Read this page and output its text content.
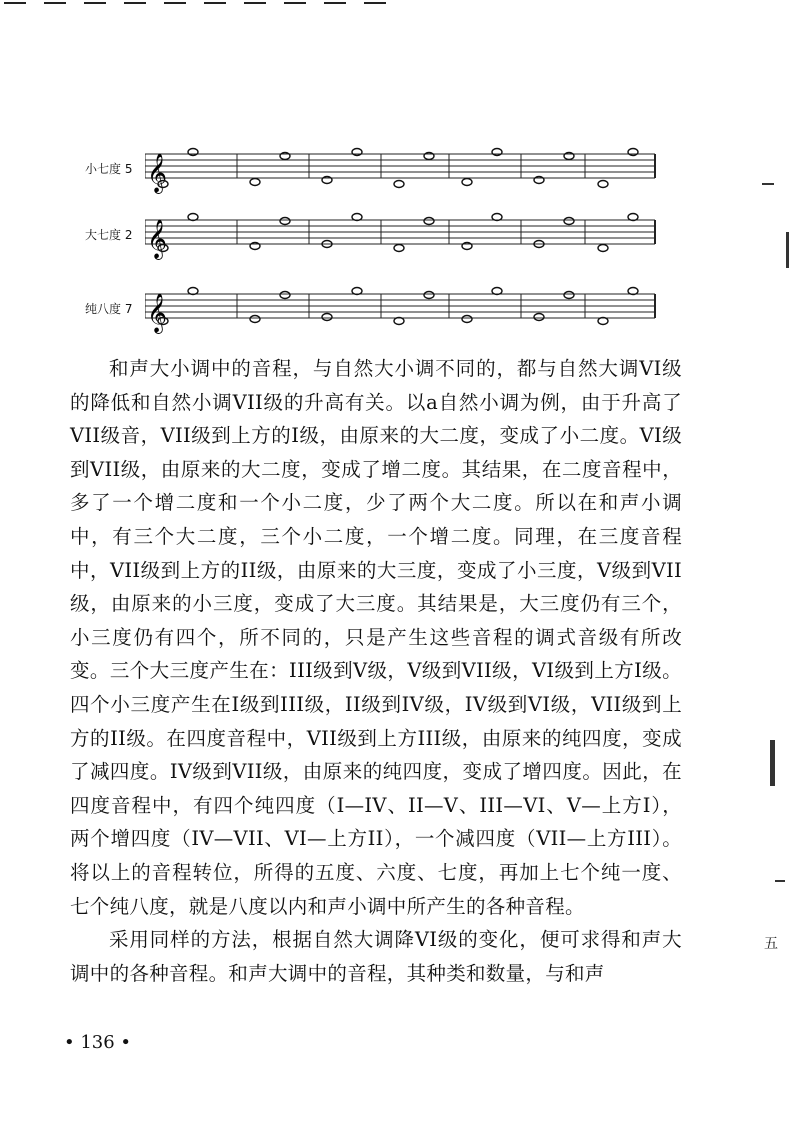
小七度 5 𝄞
大七度 2 𝄞
纯八度 7 𝄞

和声大小调中的音程，与自然大小调不同的，都与自然大调VI级的降低和自然小调VII级的升高有关。以a自然小调为例，由于升高了VII级音，VII级到上方的I级，由原来的大二度，变成了小二度。VI级到VII级，由原来的大二度，变成了增二度。其结果，在二度音程中，多了一个增二度和一个小二度，少了两个大二度。所以在和声小调中，有三个大二度，三个小二度，一个增二度。同理，在三度音程中，VII级到上方的II级，由原来的大三度，变成了小三度，V级到VII级，由原来的小三度，变成了大三度。其结果是，大三度仍有三个，小三度仍有四个，所不同的，只是产生这些音程的调式音级有所改变。三个大三度产生在：III级到V级，V级到VII级，VI级到上方I级。四个小三度产生在I级到III级，II级到IV级，IV级到VI级，VII级到上方的II级。在四度音程中，VII级到上方III级，由原来的纯四度，变成了减四度。IV级到VII级，由原来的纯四度，变成了增四度。因此，在四度音程中，有四个纯四度（I—IV、II—V、III—VI、V—上方I），两个增四度（IV—VII、VI—上方II），一个减四度（VII—上方III）。将以上的音程转位，所得的五度、六度、七度，再加上七个纯一度、七个纯八度，就是八度以内和声小调中所产生的各种音程。

采用同样的方法，根据自然大调降VI级的变化，便可求得和声大调中的各种音程。和声大调中的音程，其种类和数量，与和声

• 136 •
五
